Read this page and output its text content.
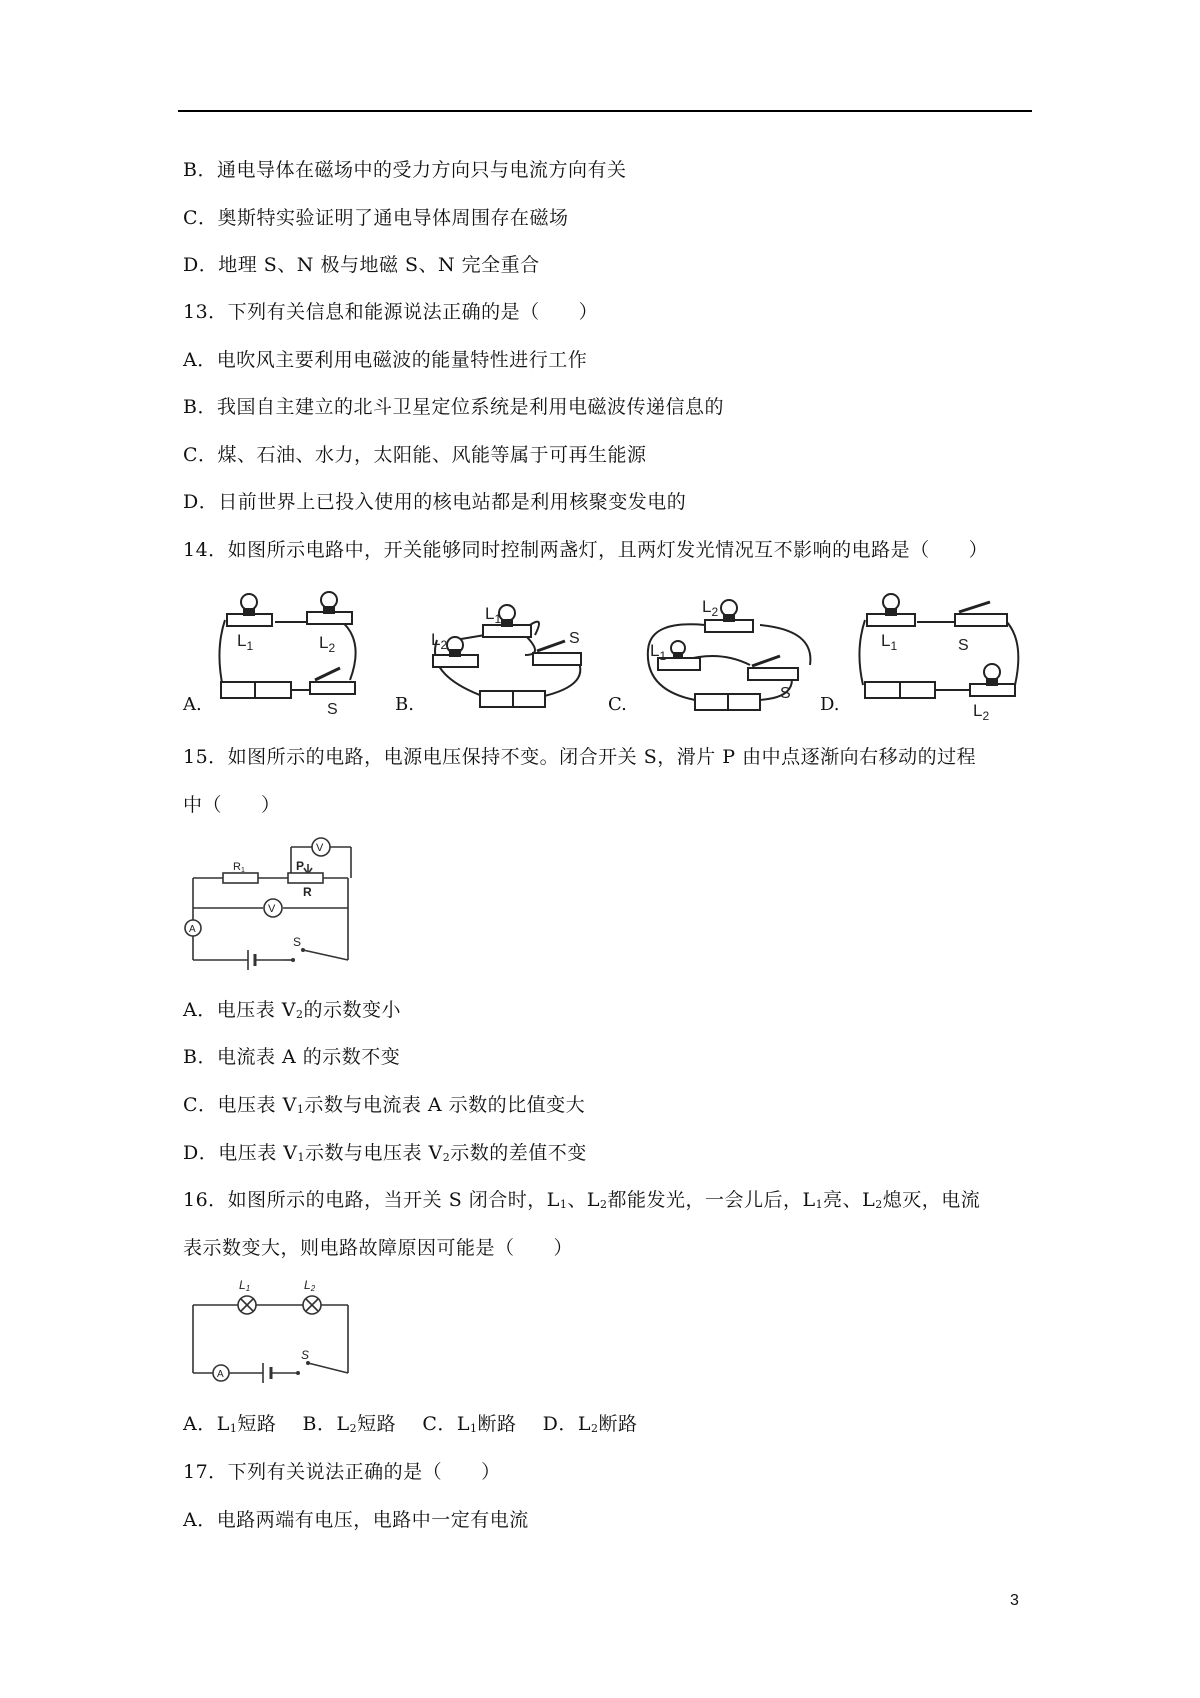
B．通电导体在磁场中的受力方向只与电流方向有关
C．奥斯特实验证明了通电导体周围存在磁场
D．地理 S、N 极与地磁 S、N 完全重合
13．下列有关信息和能源说法正确的是（　　）
A．电吹风主要利用电磁波的能量特性进行工作
B．我国自主建立的北斗卫星定位系统是利用电磁波传递信息的
C．煤、石油、水力，太阳能、风能等属于可再生能源
D．日前世界上已投入使用的核电站都是利用核聚变发电的
14．如图所示电路中，开关能够同时控制两盏灯，且两灯发光情况互不影响的电路是（　　）
A.	B.	C.	D.
$L_1$	$L_2$
S
$L_1$
$L_2$	S
$L_2$
$L_1$
S
$L_1$	S
$L_2$
15．如图所示的电路，电源电压保持不变。闭合开关 S，滑片 P 由中点逐渐向右移动的过程
中（　　）
R1	P
R
V
V
A
S
A．电压表 $V_2$的示数变小
B．电流表 A 的示数不变
C．电压表 $V_1$示数与电流表 A 示数的比值变大
D．电压表 $V_1$示数与电压表 $V_2$示数的差值不变
16．如图所示的电路，当开关 S 闭合时，$L_1$、$L_2$都能发光，一会儿后，$L_1$亮、$L_2$熄灭，电流
表示数变大，则电路故障原因可能是（　　）
L1	L2
A
S
A．$L_1$短路 B．$L_2$短路 C．$L_1$断路 D．$L_2$断路
17．下列有关说法正确的是（　　）
A．电路两端有电压，电路中一定有电流
3
